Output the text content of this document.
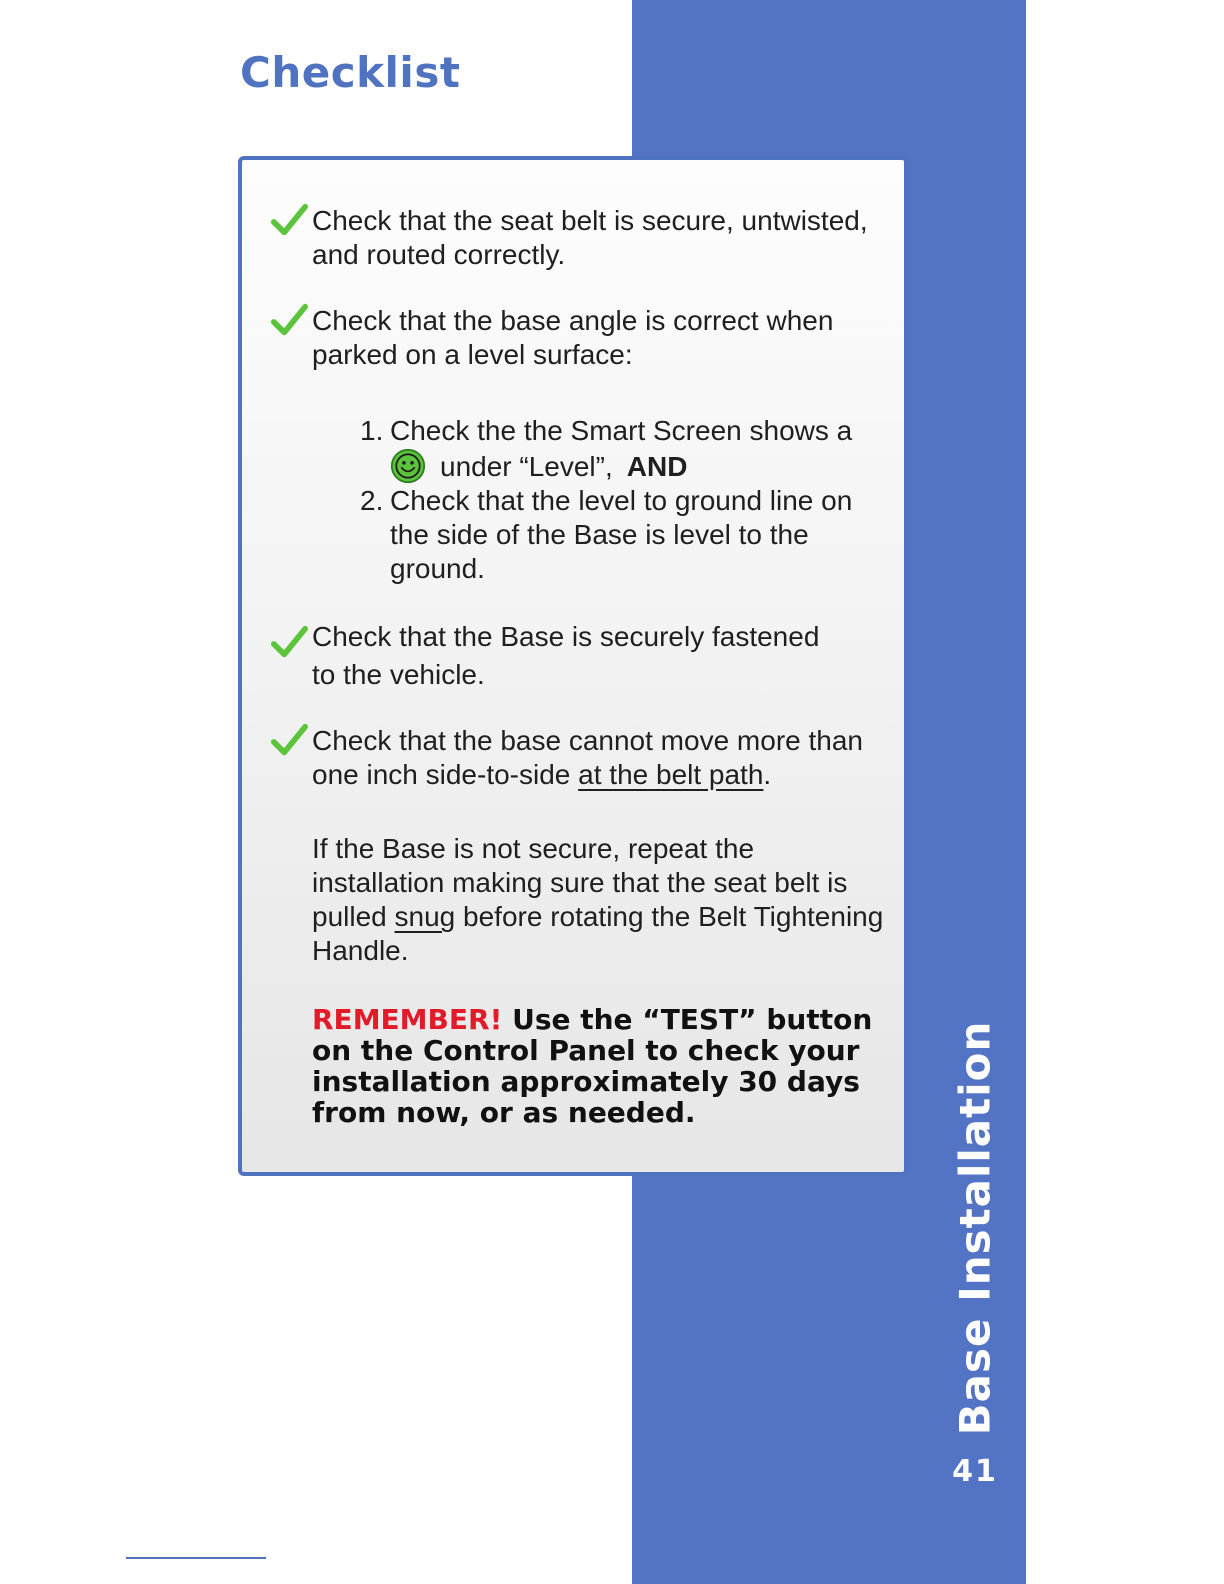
Checklist

Check that the seat belt is secure, untwisted, and routed correctly.

Check that the base angle is correct when parked on a level surface:

1. Check the the Smart Screen shows a
under “Level”, AND
2. Check that the level to ground line on the side of the Base is level to the ground.

Check that the Base is securely fastened
to the vehicle.

Check that the base cannot move more than one inch side-to-side at the belt path.

If the Base is not secure, repeat the installation making sure that the seat belt is pulled snug before rotating the Belt Tightening Handle.

REMEMBER! Use the “TEST” button on the Control Panel to check your installation approximately 30 days from now, or as needed.	Base Installation
41
